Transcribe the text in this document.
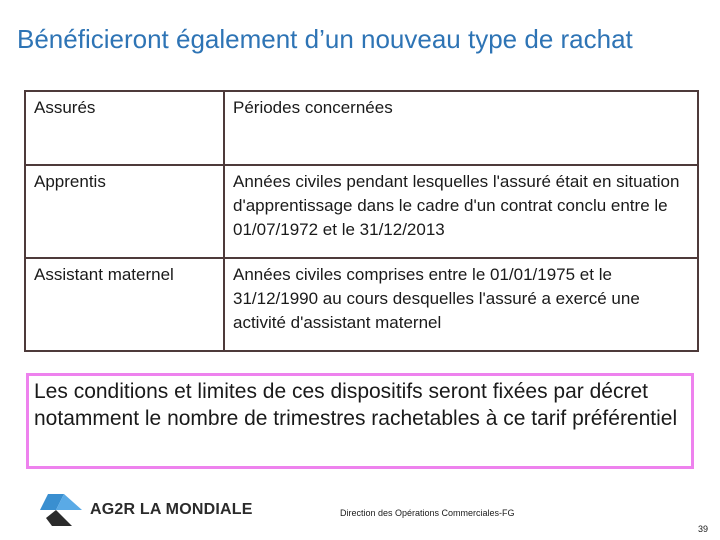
Bénéficieront également d’un nouveau type de rachat
Assurés	Périodes concernées
Apprentis	Années civiles pendant lesquelles l'assuré était en situation d'apprentissage dans le cadre d'un contrat conclu entre le 01/07/1972 et le 31/12/2013
Assistant maternel	Années civiles comprises entre le 01/01/1975 et le 31/12/1990 au cours desquelles l'assuré a exercé une activité d'assistant maternel
Les conditions et limites de ces dispositifs seront fixées par décret notamment le nombre de trimestres rachetables à ce tarif préférentiel
AG2R LA MONDIALE	Direction des Opérations Commerciales-FG
39
